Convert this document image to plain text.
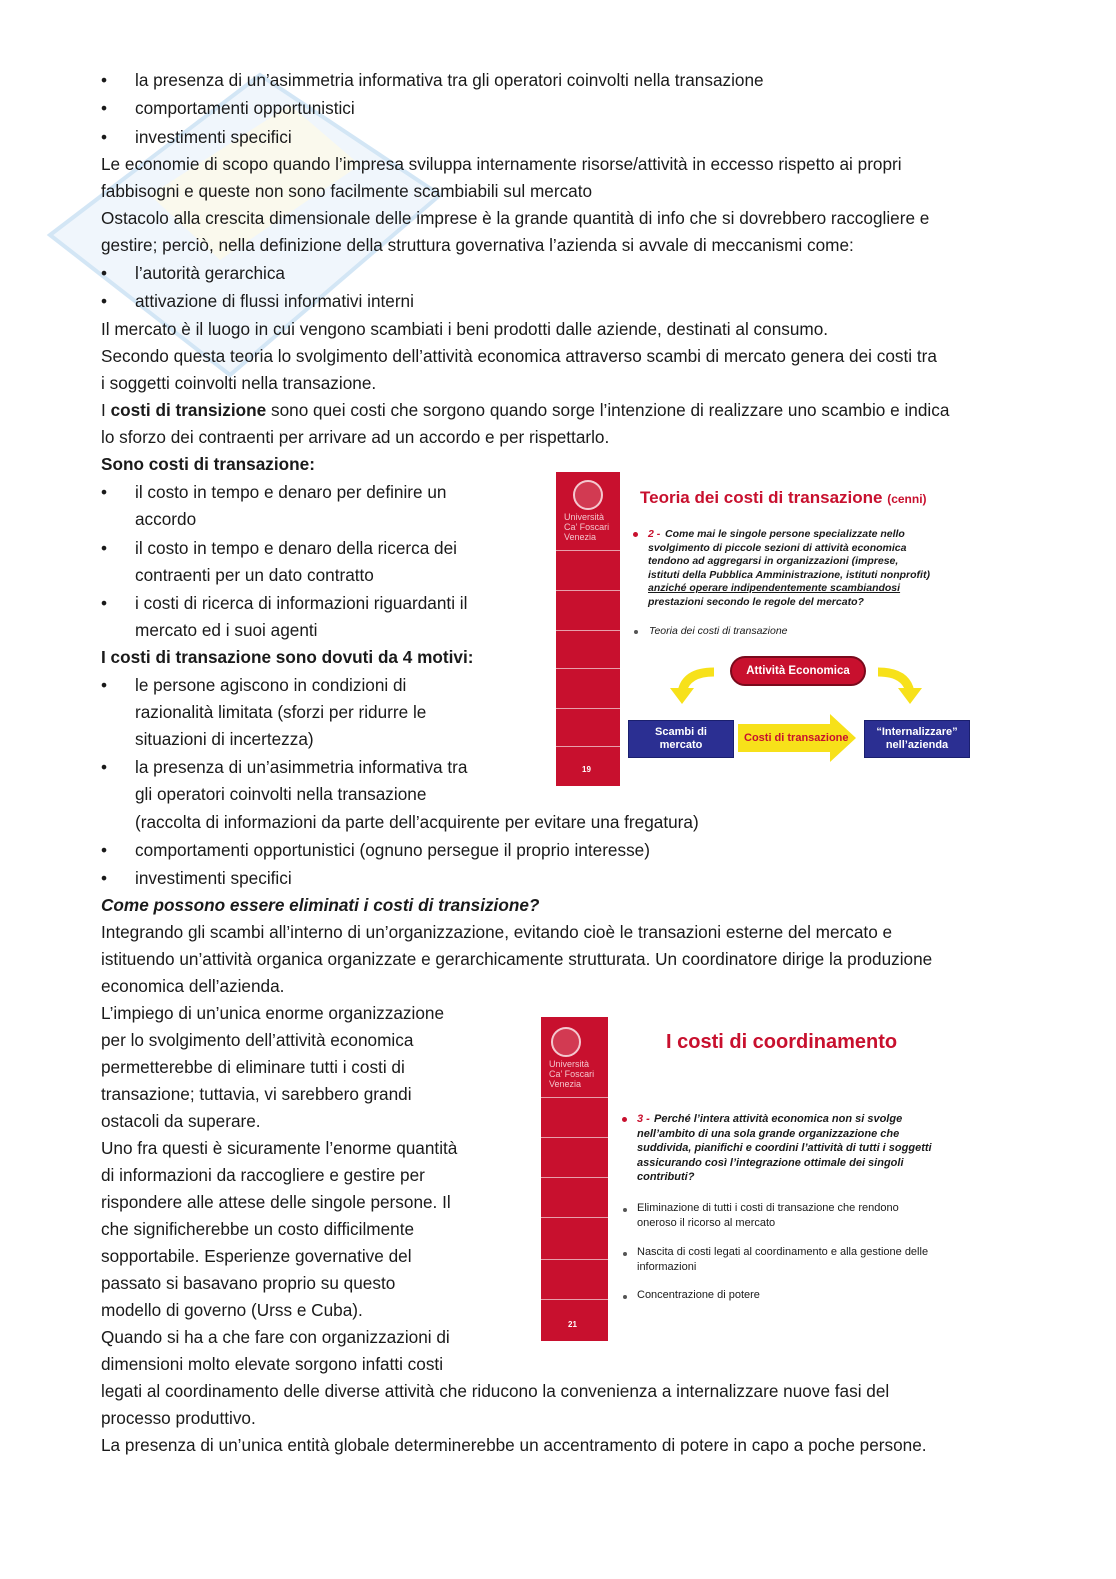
• la presenza di un’asimmetria informativa tra gli operatori coinvolti nella transazione
• comportamenti opportunistici
• investimenti specifici
Le economie di scopo quando l’impresa sviluppa internamente risorse/attività in eccesso rispetto ai propri
fabbisogni e queste non sono facilmente scambiabili sul mercato
Ostacolo alla crescita dimensionale delle imprese è la grande quantità di info che si dovrebbero raccogliere e
gestire; perciò, nella definizione della struttura governativa l’azienda si avvale di meccanismi come:
• l’autorità gerarchica
• attivazione di flussi informativi interni
Il mercato è il luogo in cui vengono scambiati i beni prodotti dalle aziende, destinati al consumo.
Secondo questa teoria lo svolgimento dell’attività economica attraverso scambi di mercato genera dei costi tra
i soggetti coinvolti nella transazione.
I costi di transizione sono quei costi che sorgono quando sorge l’intenzione di realizzare uno scambio e indica
lo sforzo dei contraenti per arrivare ad un accordo e per rispettarlo.
Sono costi di transazione:
• il costo in tempo e denaro per definire un
accordo
• il costo in tempo e denaro della ricerca dei
contraenti per un dato contratto
• i costi di ricerca di informazioni riguardanti il
mercato ed i suoi agenti
I costi di transazione sono dovuti da 4 motivi:
• le persone agiscono in condizioni di
razionalità limitata (sforzi per ridurre le
situazioni di incertezza)
• la presenza di un’asimmetria informativa tra
gli operatori coinvolti nella transazione
(raccolta di informazioni da parte dell’acquirente per evitare una fregatura)
• comportamenti opportunistici (ognuno persegue il proprio interesse)
• investimenti specifici
Come possono essere eliminati i costi di transizione?
Integrando gli scambi all’interno di un’organizzazione, evitando cioè le transazioni esterne del mercato e
istituendo un’attività organica organizzate e gerarchicamente strutturata. Un coordinatore dirige la produzione
economica dell’azienda.
L’impiego di un’unica enorme organizzazione
per lo svolgimento dell’attività economica
permetterebbe di eliminare tutti i costi di
transazione; tuttavia, vi sarebbero grandi
ostacoli da superare.
Uno fra questi è sicuramente l’enorme quantità
di informazioni da raccogliere e gestire per
rispondere alle attese delle singole persone. Il
che significherebbe un costo difficilmente
sopportabile. Esperienze governative del
passato si basavano proprio su questo
modello di governo (Urss e Cuba).
Quando si ha a che fare con organizzazioni di
dimensioni molto elevate sorgono infatti costi
legati al coordinamento delle diverse attività che riducono la convenienza a internalizzare nuove fasi del
processo produttivo.
La presenza di un’unica entità globale determinerebbe un accentramento di potere in capo a poche persone.
Università
Ca’ Foscari
Venezia
19
Teoria dei costi di transazione (cenni)
2 - Come mai le singole persone specializzate nello
svolgimento di piccole sezioni di attività economica
tendono ad aggregarsi in organizzazioni (imprese,
istituti della Pubblica Amministrazione, istituti nonprofit)
anziché operare indipendentemente scambiandosi
prestazioni secondo le regole del mercato?
Teoria dei costi di transazione
Attività Economica
Scambi di
mercato
Costi di transazione	“Internalizzare”
nell’azienda
Università
Ca’ Foscari
Venezia
21
I costi di coordinamento
3 - Perché l’intera attività economica non si svolge
nell’ambito di una sola grande organizzazione che
suddivida, pianifichi e coordini l’attività di tutti i soggetti
assicurando così l’integrazione ottimale dei singoli
contributi?
Eliminazione di tutti i costi di transazione che rendono
oneroso il ricorso al mercato
Nascita di costi legati al coordinamento e alla gestione delle
informazioni
Concentrazione di potere
